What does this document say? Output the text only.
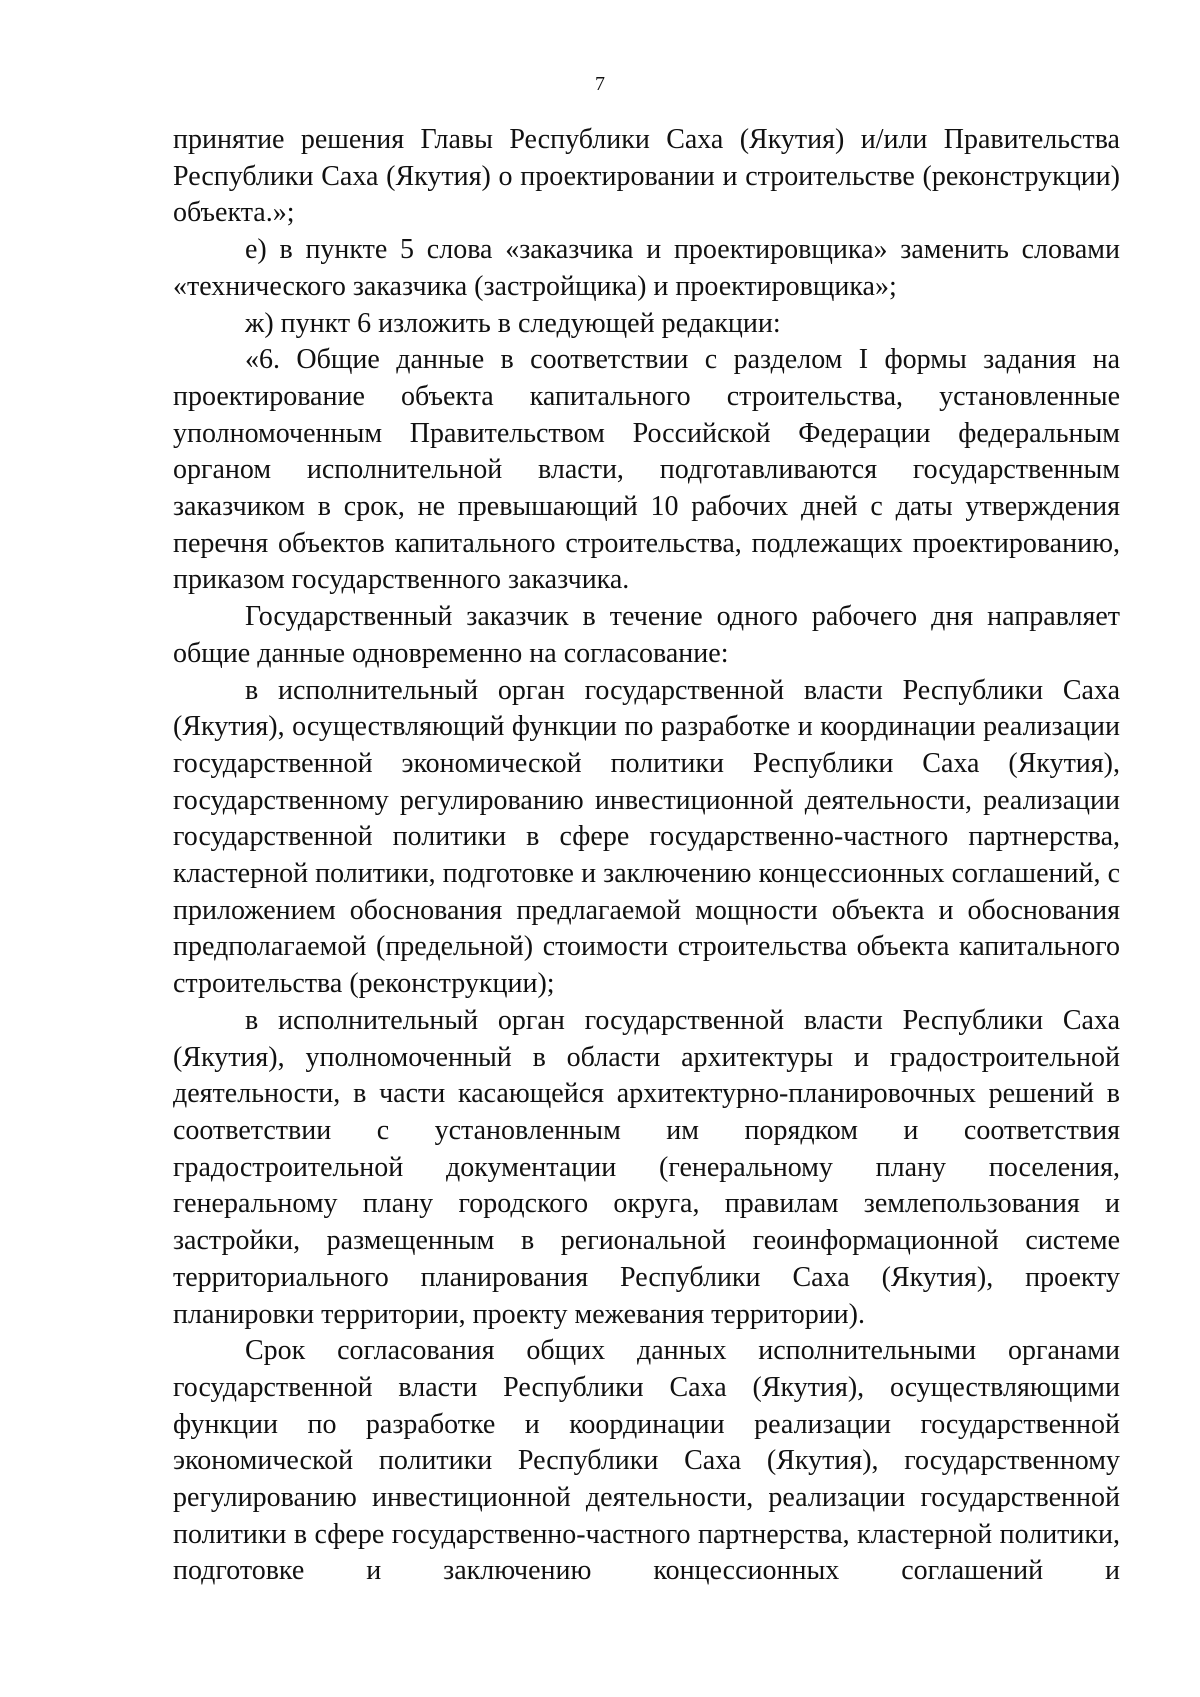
7

принятие решения Главы Республики Саха (Якутия) и/или Правительства Республики Саха (Якутия) о проектировании и строительстве (реконструкции) объекта.»;

е) в пункте 5 слова «заказчика и проектировщика» заменить словами «технического заказчика (застройщика) и проектировщика»;

ж) пункт 6 изложить в следующей редакции:

«6. Общие данные в соответствии с разделом I формы задания на проектирование объекта капитального строительства, установленные уполномоченным Правительством Российской Федерации федеральным органом исполнительной власти, подготавливаются государственным заказчиком в срок, не превышающий 10 рабочих дней с даты утверждения перечня объектов капитального строительства, подлежащих проектированию, приказом государственного заказчика.

Государственный заказчик в течение одного рабочего дня направляет общие данные одновременно на согласование:

в исполнительный орган государственной власти Республики Саха (Якутия), осуществляющий функции по разработке и координации реализации государственной экономической политики Республики Саха (Якутия), государственному регулированию инвестиционной деятельности, реализации государственной политики в сфере государственно-частного партнерства, кластерной политики, подготовке и заключению концессионных соглашений, с приложением обоснования предлагаемой мощности объекта и обоснования предполагаемой (предельной) стоимости строительства объекта капитального строительства (реконструкции);

в исполнительный орган государственной власти Республики Саха (Якутия), уполномоченный в области архитектуры и градостроительной деятельности, в части касающейся архитектурно-планировочных решений в соответствии с установленным им порядком и соответствия градостроительной документации (генеральному плану поселения, генеральному плану городского округа, правилам землепользования и застройки, размещенным в региональной геоинформационной системе территориального планирования Республики Саха (Якутия), проекту планировки территории, проекту межевания территории).

Срок согласования общих данных исполнительными органами государственной власти Республики Саха (Якутия), осуществляющими функции по разработке и координации реализации государственной экономической политики Республики Саха (Якутия), государственному регулированию инвестиционной деятельности, реализации государственной политики в сфере государственно-частного партнерства, кластерной политики, подготовке и заключению концессионных соглашений и
